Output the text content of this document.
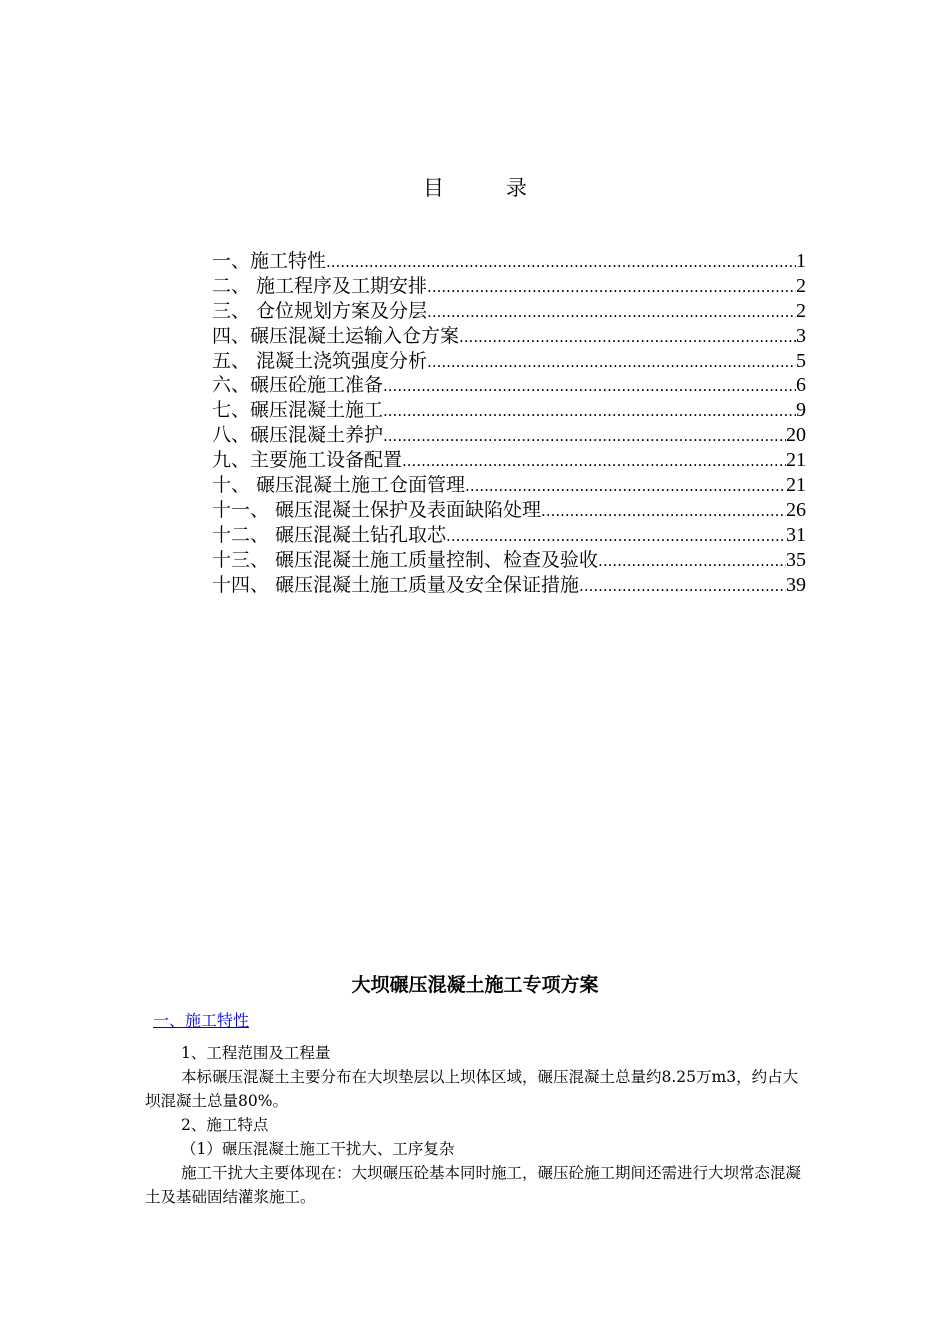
目	录
一、施工特性 .....	1
二、 施工程序及工期安排 .....	2
三、 仓位规划方案及分层 .....	2
四、碾压混凝土运输入仓方案 .....	3
五、 混凝土浇筑强度分析 .....	5
六、碾压砼施工准备 .....	6
七、碾压混凝土施工 .....	9
八、碾压混凝土养护 .....	20
九、主要施工设备配置 .....	21
十、 碾压混凝土施工仓面管理 .....	21
十一、 碾压混凝土保护及表面缺陷处理 .....	26
十二、 碾压混凝土钻孔取芯 .....	31
十三、 碾压混凝土施工质量控制、检查及验收 .....	35
十四、 碾压混凝土施工质量及安全保证措施 .....	39
大坝碾压混凝土施工专项方案
一、施工特性

1、工程范围及工程量

本标碾压混凝土主要分布在大坝垫层以上坝体区域，碾压混凝土总量约8.25万m3，约占大坝混凝土总量80%。

2、施工特点

（1）碾压混凝土施工干扰大、工序复杂

施工干扰大主要体现在：大坝碾压砼基本同时施工，碾压砼施工期间还需进行大坝常态混凝土及基础固结灌浆施工。
